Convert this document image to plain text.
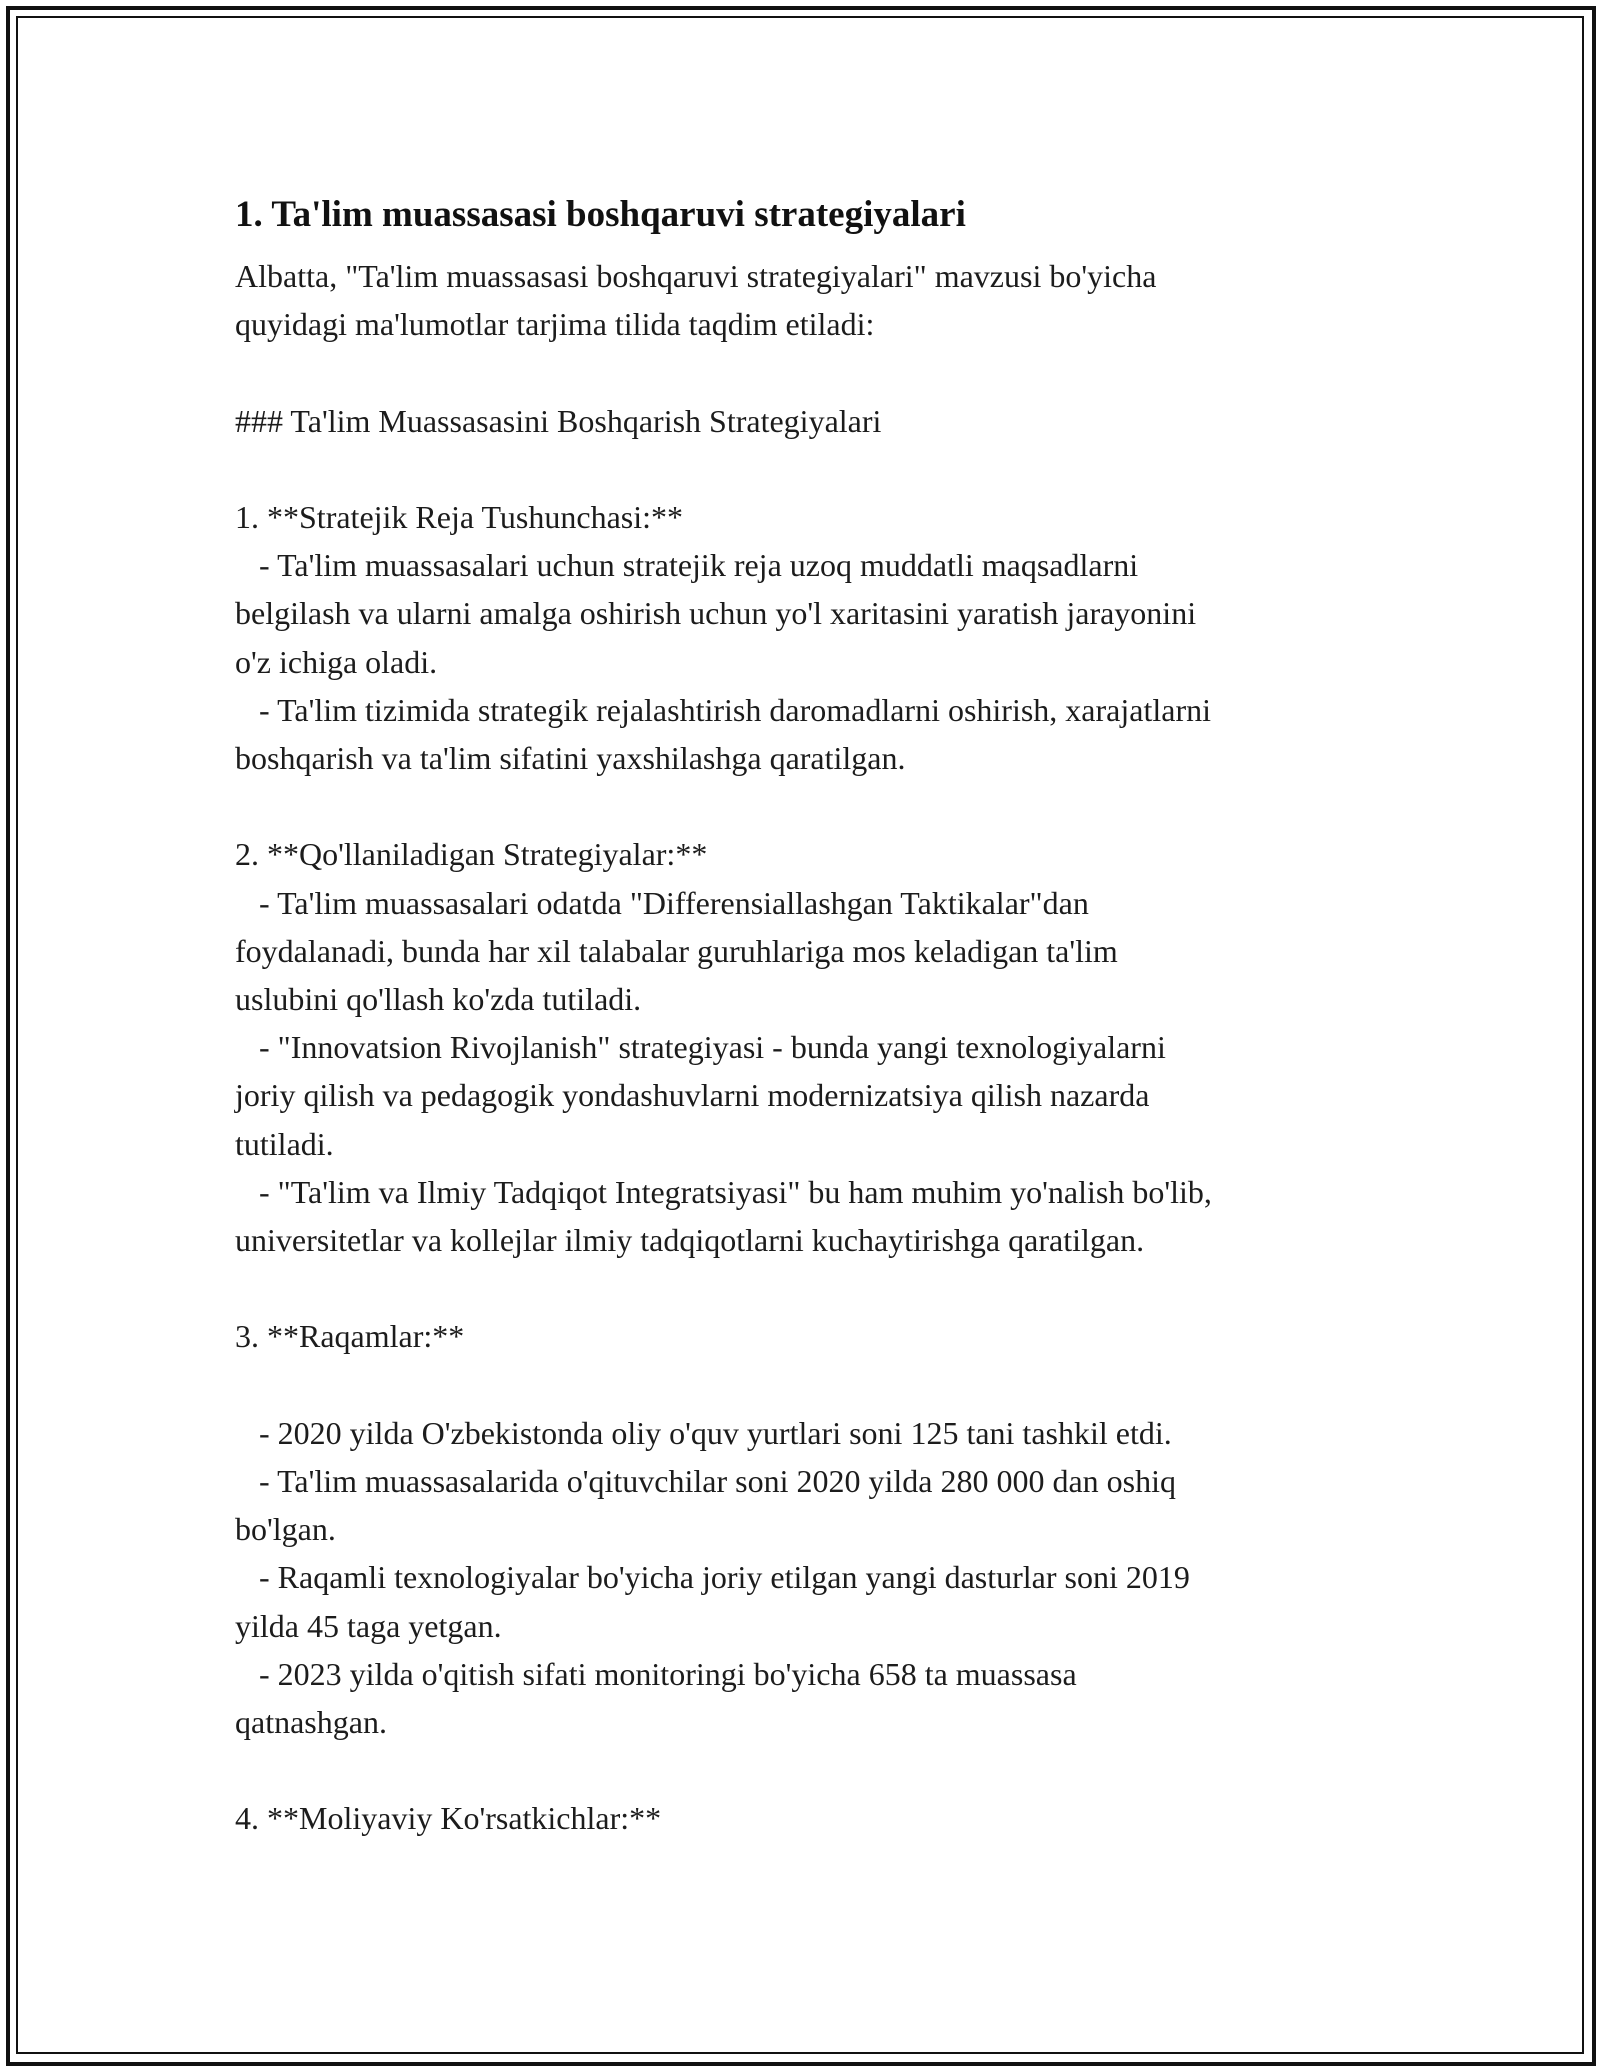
1. Ta'lim muassasasi boshqaruvi strategiyalari
Albatta, "Ta'lim muassasasi boshqaruvi strategiyalari" mavzusi bo'yicha
quyidagi ma'lumotlar tarjima tilida taqdim etiladi:
### Ta'lim Muassasasini Boshqarish Strategiyalari
1. **Stratejik Reja Tushunchasi:**
- Ta'lim muassasalari uchun stratejik reja uzoq muddatli maqsadlarni
belgilash va ularni amalga oshirish uchun yo'l xaritasini yaratish jarayonini
o'z ichiga oladi.
- Ta'lim tizimida strategik rejalashtirish daromadlarni oshirish, xarajatlarni
boshqarish va ta'lim sifatini yaxshilashga qaratilgan.
2. **Qo'llaniladigan Strategiyalar:**
- Ta'lim muassasalari odatda "Differensiallashgan Taktikalar"dan
foydalanadi, bunda har xil talabalar guruhlariga mos keladigan ta'lim
uslubini qo'llash ko'zda tutiladi.
- "Innovatsion Rivojlanish" strategiyasi - bunda yangi texnologiyalarni
joriy qilish va pedagogik yondashuvlarni modernizatsiya qilish nazarda
tutiladi.
- "Ta'lim va Ilmiy Tadqiqot Integratsiyasi" bu ham muhim yo'nalish bo'lib,
universitetlar va kollejlar ilmiy tadqiqotlarni kuchaytirishga qaratilgan.
3. **Raqamlar:**
- 2020 yilda O'zbekistonda oliy o'quv yurtlari soni 125 tani tashkil etdi.
- Ta'lim muassasalarida o'qituvchilar soni 2020 yilda 280 000 dan oshiq
bo'lgan.
- Raqamli texnologiyalar bo'yicha joriy etilgan yangi dasturlar soni 2019
yilda 45 taga yetgan.
- 2023 yilda o'qitish sifati monitoringi bo'yicha 658 ta muassasa
qatnashgan.
4. **Moliyaviy Ko'rsatkichlar:**
